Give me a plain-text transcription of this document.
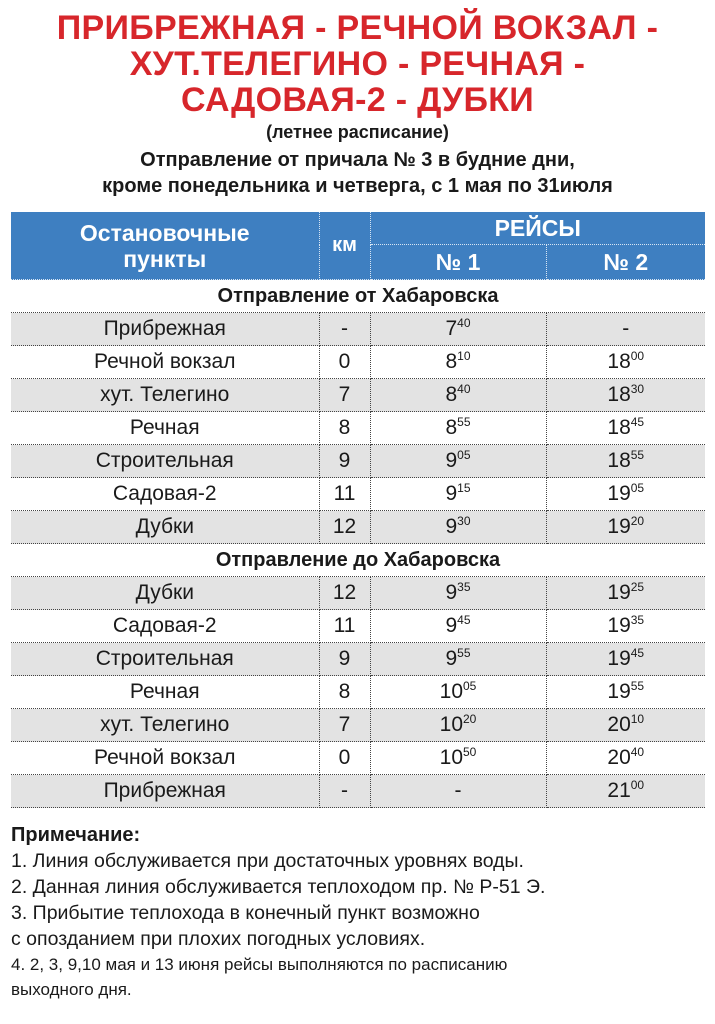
ПРИБРЕЖНАЯ - РЕЧНОЙ ВОКЗАЛ -
ХУТ.ТЕЛЕГИНО - РЕЧНАЯ -
САДОВАЯ-2 - ДУБКИ
(летнее расписание)
Отправление от причала № 3 в будние дни,
кроме понедельника и четверга, с 1 мая по 31июля
Остановочные
пункты	км	РЕЙСЫ	
		№ 1	№ 2
Отправление от Хабаровска			
Прибрежная	-	$7^{40}$	-
Речной вокзал	0	$8^{10}$	$18^{00}$
хут. Телегино	7	$8^{40}$	$18^{30}$
Речная	8	$8^{55}$	$18^{45}$
Строительная	9	$9^{05}$	$18^{55}$
Садовая-2	11	$9^{15}$	$19^{05}$
Дубки	12	$9^{30}$	$19^{20}$
Отправление до Хабаровска			
Дубки	12	$9^{35}$	$19^{25}$
Садовая-2	11	$9^{45}$	$19^{35}$
Строительная	9	$9^{55}$	$19^{45}$
Речная	8	$10^{05}$	$19^{55}$
хут. Телегино	7	$10^{20}$	$20^{10}$
Речной вокзал	0	$10^{50}$	$20^{40}$
Прибрежная	-	-	$21^{00}$
Примечание:
1. Линия обслуживается при достаточных уровнях воды.
2. Данная линия обслуживается теплоходом пр. № Р-51 Э.
3. Прибытие теплохода в конечный пункт возможно
с опозданием при плохих погодных условиях.
4. 2, 3, 9,10 мая и 13 июня рейсы выполняются по расписанию
выходного дня.
